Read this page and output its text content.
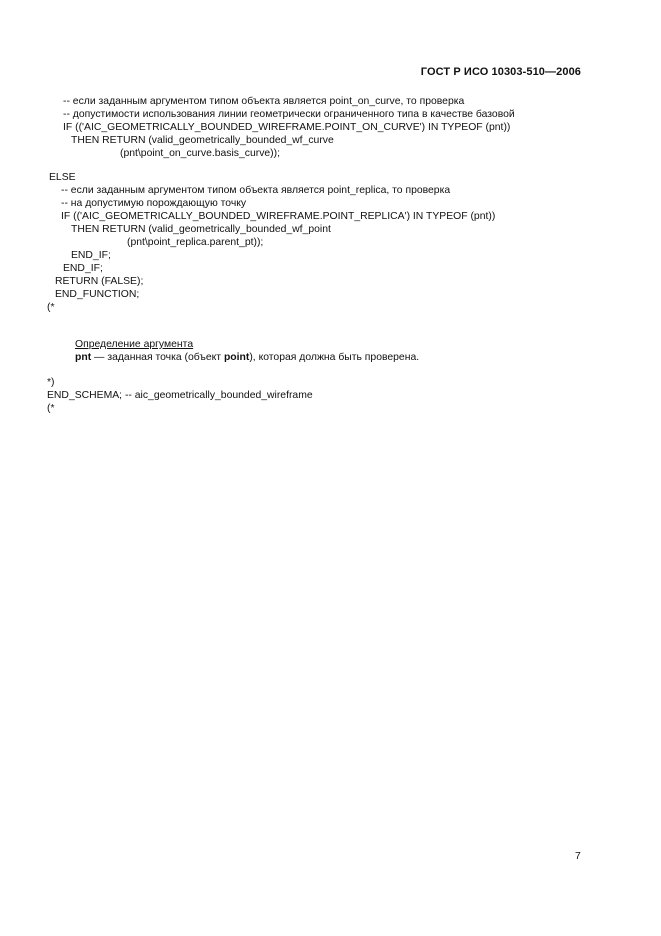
ГОСТ Р ИСО 10303-510—2006
-- если заданным аргументом типом объекта является point_on_curve, то проверка
-- допустимости использования линии геометрически ограниченного типа в качестве базовой
IF (('AIC_GEOMETRICALLY_BOUNDED_WIREFRAME.POINT_ON_CURVE') IN TYPEOF (pnt))
THEN RETURN (valid_geometrically_bounded_wf_curve
(pnt\point_on_curve.basis_curve));
ELSE
-- если заданным аргументом типом объекта является point_replica, то проверка
-- на допустимую порождающую точку
IF (('AIC_GEOMETRICALLY_BOUNDED_WIREFRAME.POINT_REPLICA') IN TYPEOF (pnt))
THEN RETURN (valid_geometrically_bounded_wf_point
(pnt\point_replica.parent_pt));
END_IF;
END_IF;
RETURN (FALSE);
END_FUNCTION;
(*
Определение аргумента
pnt — заданная точка (объект point), которая должна быть проверена.
*)
END_SCHEMA; -- aic_geometrically_bounded_wireframe
(*
7
